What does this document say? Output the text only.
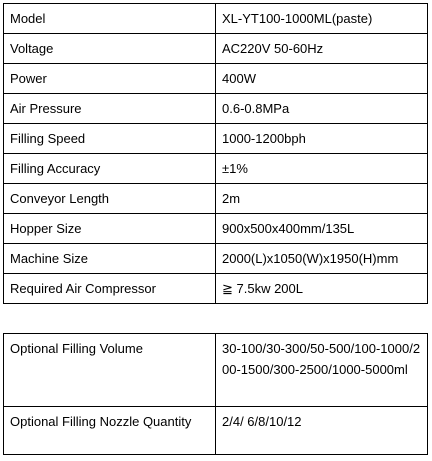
Model	XL-YT100-1000ML(paste)
Voltage	AC220V 50-60Hz
Power	400W
Air Pressure	0.6-0.8MPa
Filling Speed	1000-1200bph
Filling Accuracy	±1%
Conveyor Length	2m
Hopper Size	900x500x400mm/135L
Machine Size	2000(L)x1050(W)x1950(H)mm
Required Air Compressor	≧ 7.5kw 200L
Optional Filling Volume	30-100/30-300/50-500/100-1000/200-1500/300-2500/1000-5000ml
Optional Filling Nozzle Quantity	2/4/ 6/8/10/12
